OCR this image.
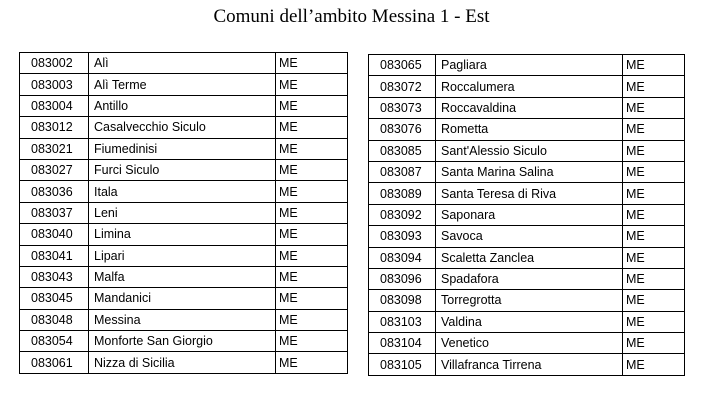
Comuni dell’ambito Messina 1 - Est
083002	Alì	ME
083003	Alì Terme	ME
083004	Antillo	ME
083012	Casalvecchio Siculo	ME
083021	Fiumedinisi	ME
083027	Furci Siculo	ME
083036	Itala	ME
083037	Leni	ME
083040	Limina	ME
083041	Lipari	ME
083043	Malfa	ME
083045	Mandanici	ME
083048	Messina	ME
083054	Monforte San Giorgio	ME
083061	Nizza di Sicilia	ME
083065	Pagliara	ME
083072	Roccalumera	ME
083073	Roccavaldina	ME
083076	Rometta	ME
083085	Sant'Alessio Siculo	ME
083087	Santa Marina Salina	ME
083089	Santa Teresa di Riva	ME
083092	Saponara	ME
083093	Savoca	ME
083094	Scaletta Zanclea	ME
083096	Spadafora	ME
083098	Torregrotta	ME
083103	Valdina	ME
083104	Venetico	ME
083105	Villafranca Tirrena	ME
